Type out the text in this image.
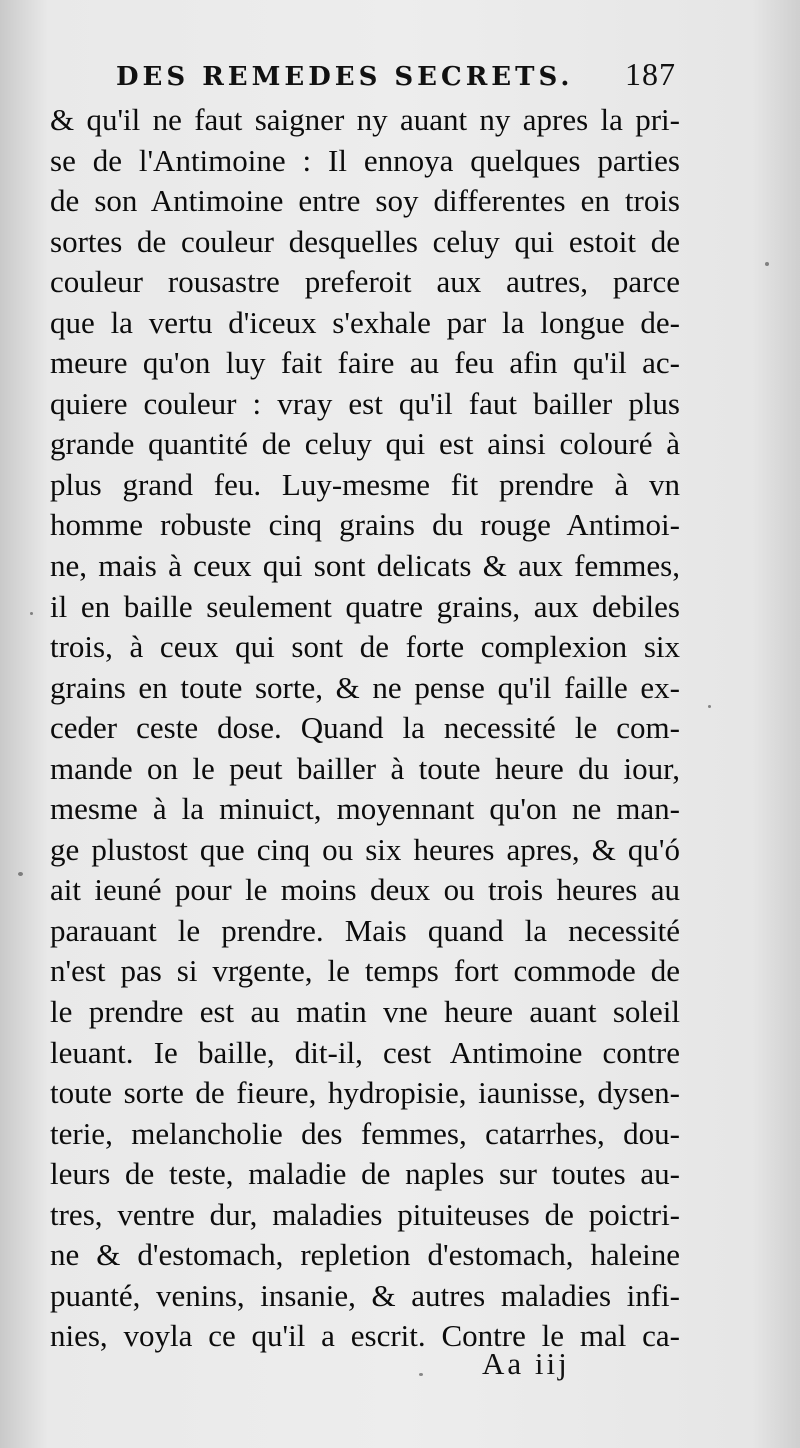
DES REMEDES SECRETS. 187
& qu'il ne faut saigner ny auant ny apres la pri-
se de l'Antimoine : Il ennoya quelques parties
de son Antimoine entre soy differentes en trois
sortes de couleur desquelles celuy qui estoit de
couleur rousastre preferoit aux autres, parce
que la vertu d'iceux s'exhale par la longue de-
meure qu'on luy fait faire au feu afin qu'il ac-
quiere couleur : vray est qu'il faut bailler plus
grande quantité de celuy qui est ainsi colouré à
plus grand feu. Luy-mesme fit prendre à vn
homme robuste cinq grains du rouge Antimoi-
ne, mais à ceux qui sont delicats & aux femmes,
il en baille seulement quatre grains, aux debiles
trois, à ceux qui sont de forte complexion six
grains en toute sorte, & ne pense qu'il faille ex-
ceder ceste dose. Quand la necessité le com-
mande on le peut bailler à toute heure du iour,
mesme à la minuict, moyennant qu'on ne man-
ge plustost que cinq ou six heures apres, & qu'ó
ait ieuné pour le moins deux ou trois heures au
parauant le prendre. Mais quand la necessité
n'est pas si vrgente, le temps fort commode de
le prendre est au matin vne heure auant soleil
leuant. Ie baille, dit-il, cest Antimoine contre
toute sorte de fieure, hydropisie, iaunisse, dysen-
terie, melancholie des femmes, catarrhes, dou-
leurs de teste, maladie de naples sur toutes au-
tres, ventre dur, maladies pituiteuses de poictri-
ne & d'estomach, repletion d'estomach, haleine
puanté, venins, insanie, & autres maladies infi-
nies, voyla ce qu'il a escrit. Contre le mal ca-
Aa iij
